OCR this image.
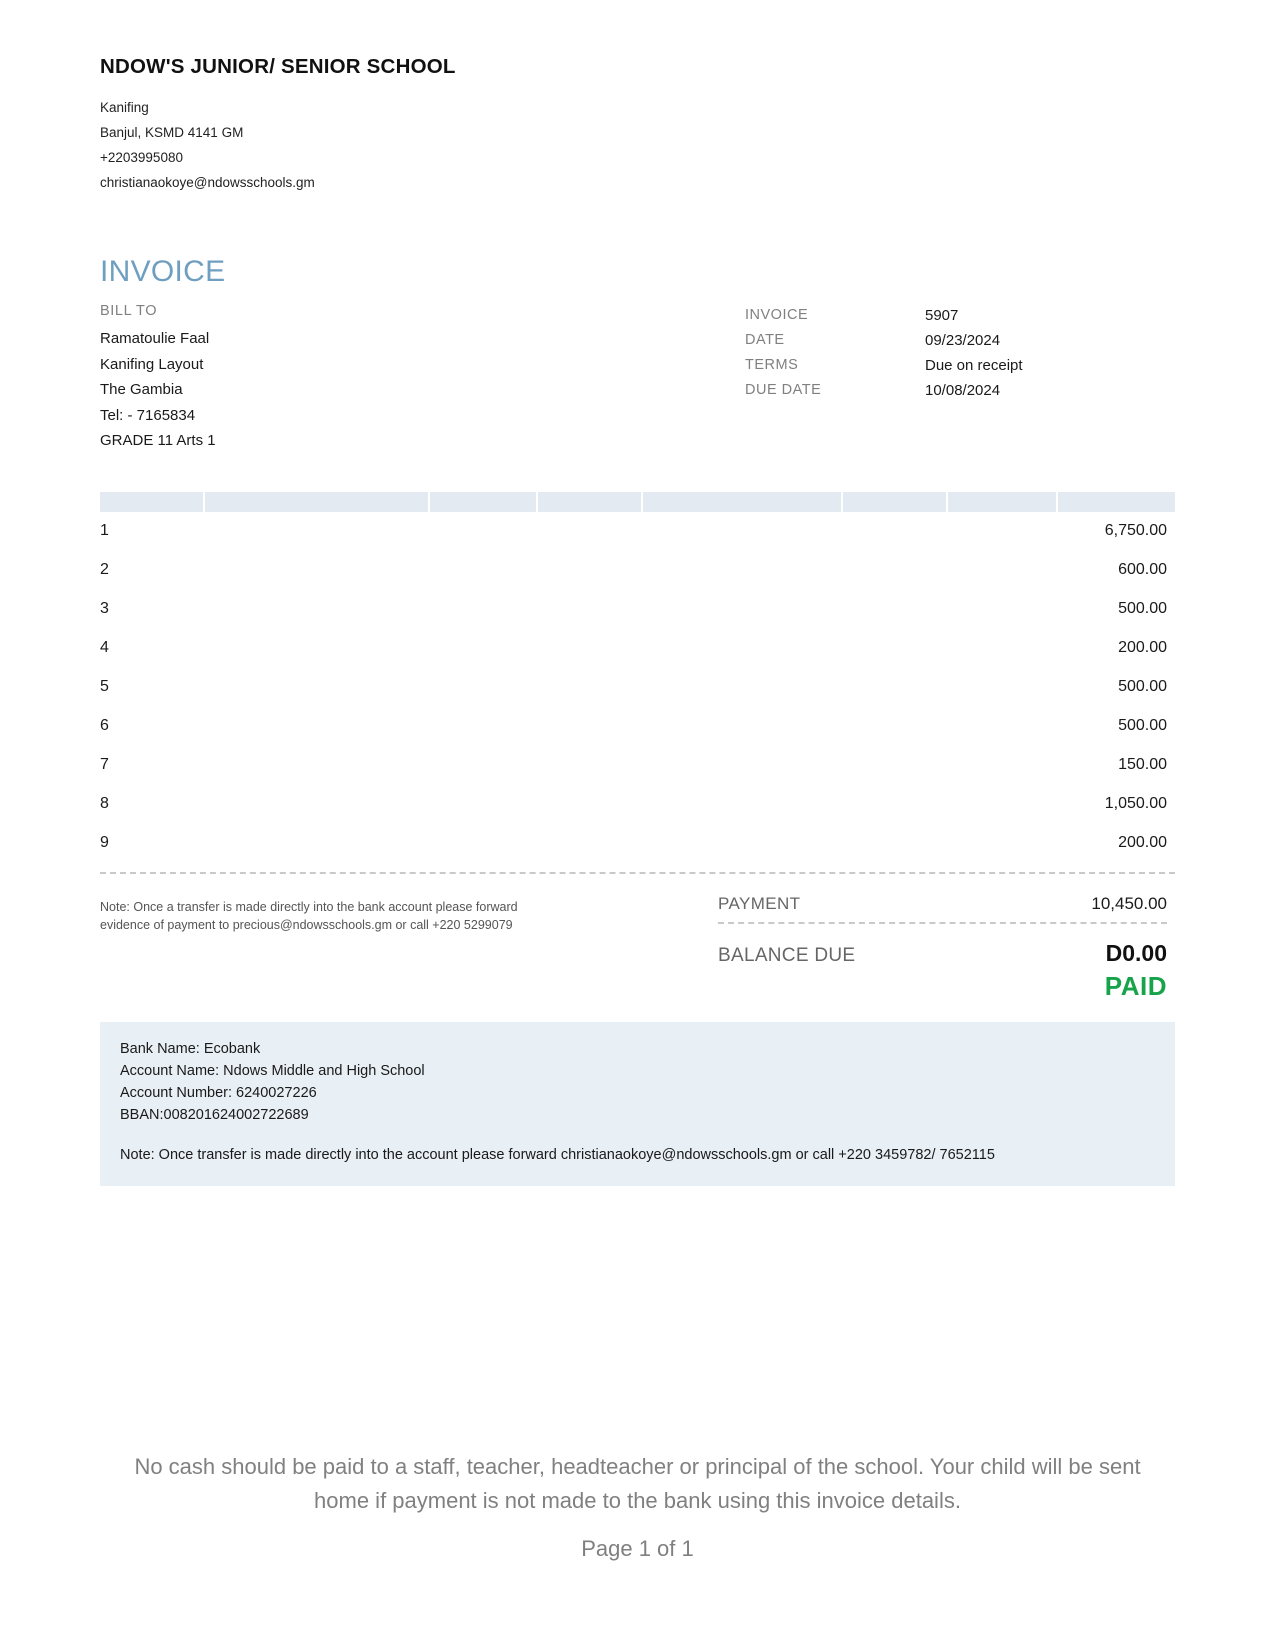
NDOW'S JUNIOR/ SENIOR SCHOOL
Kanifing
Banjul, KSMD 4141 GM
+2203995080
christianaokoye@ndowsschools.gm
INVOICE
BILL TO
Ramatoulie Faal
Kanifing Layout
The Gambia
Tel: - 7165834
GRADE 11 Arts 1
INVOICE	5907
DATE	09/23/2024
TERMS	Due on receipt
DUE DATE	10/08/2024
1	6,750.00
2	600.00
3	500.00
4	200.00
5	500.00
6	500.00
7	150.00
8	1,050.00
9	200.00
Note: Once a transfer is made directly into the bank account please forward
evidence of payment to precious@ndowsschools.gm or call +220 5299079
PAYMENT	10,450.00
BALANCE DUE	D0.00
PAID
Bank Name: Ecobank
Account Name: Ndows Middle and High School
Account Number: 6240027226
BBAN:008201624002722689
Note: Once transfer is made directly into the account please forward christianaokoye@ndowsschools.gm or call +220 3459782/ 7652115
No cash should be paid to a staff, teacher, headteacher or principal of the school. Your child will be sent
home if payment is not made to the bank using this invoice details.
Page 1 of 1
